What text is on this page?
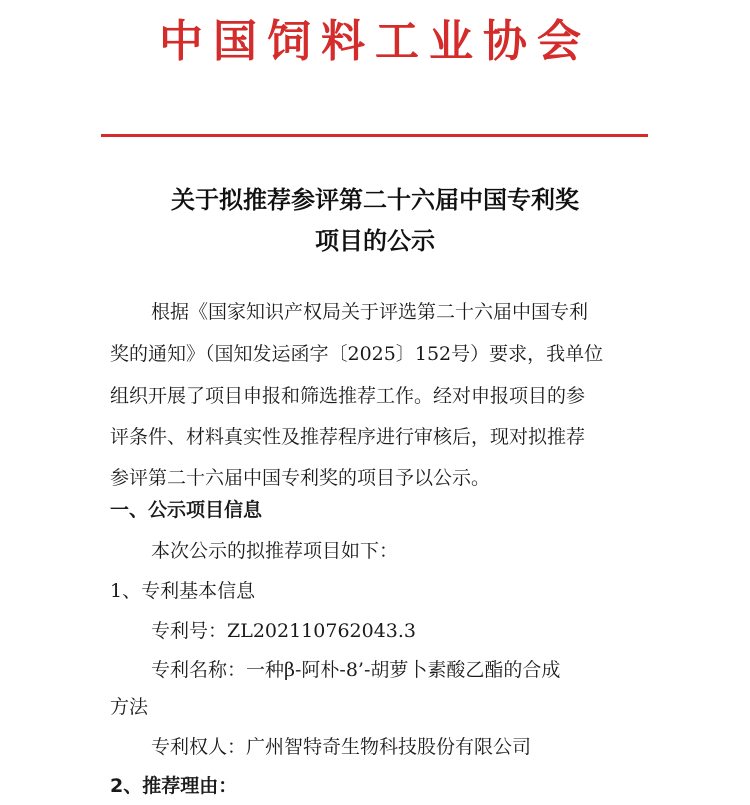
中国饲料工业协会
关于拟推荐参评第二十六届中国专利奖
项目的公示
根据《国家知识产权局关于评选第二十六届中国专利
奖的通知》（国知发运函字〔2025〕152号）要求，我单位
组织开展了项目申报和筛选推荐工作。经对申报项目的参
评条件、材料真实性及推荐程序进行审核后，现对拟推荐
参评第二十六届中国专利奖的项目予以公示。
一、公示项目信息
本次公示的拟推荐项目如下：
1、专利基本信息
专利号：ZL202110762043.3
专利名称：一种β-阿朴-8’-胡萝卜素酸乙酯的合成
方法
专利权人：广州智特奇生物科技股份有限公司
2、推荐理由：
